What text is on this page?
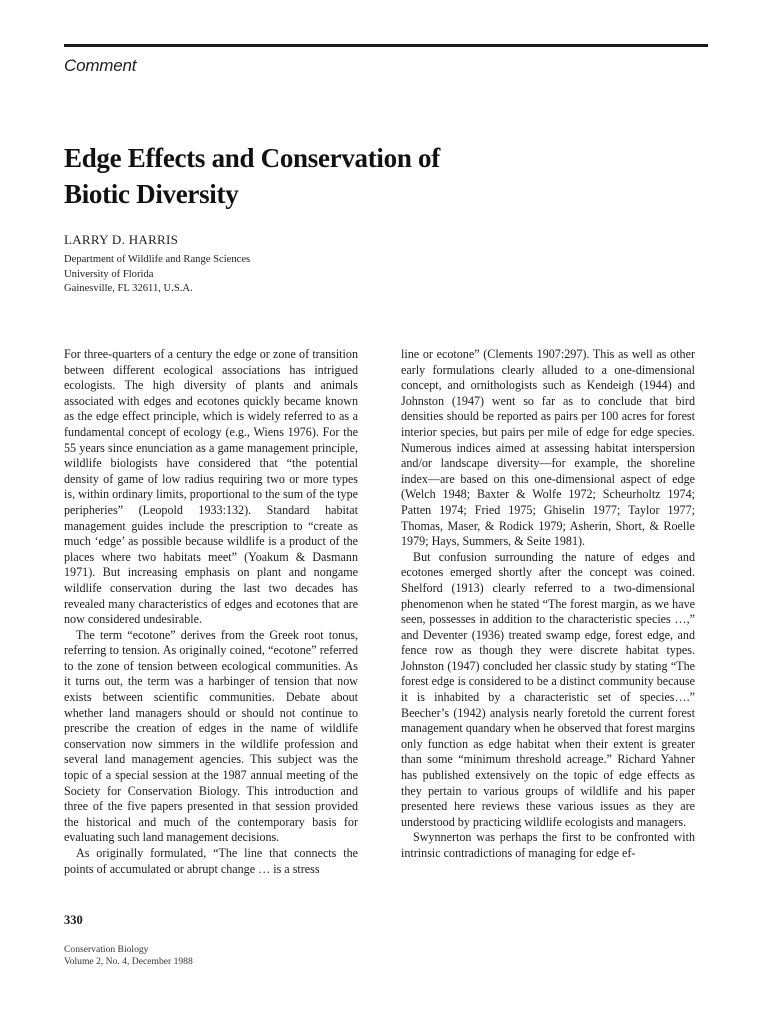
Comment
Edge Effects and Conservation of
Biotic Diversity
LARRY D. HARRIS
Department of Wildlife and Range Sciences
University of Florida
Gainesville, FL 32611, U.S.A.

For three-quarters of a century the edge or zone of transition between different ecological associations has intrigued ecologists. The high diversity of plants and animals associated with edges and ecotones quickly became known as the edge effect principle, which is widely referred to as a fundamental concept of ecology (e.g., Wiens 1976). For the 55 years since enunciation as a game management principle, wildlife biologists have considered that “the potential density of game of low radius requiring two or more types is, within ordinary limits, proportional to the sum of the type peripheries” (Leopold 1933:132). Standard habitat management guides include the prescription to “create as much ‘edge’ as possible because wildlife is a product of the places where two habitats meet” (Yoakum & Dasmann 1971). But increasing emphasis on plant and nongame wildlife conservation during the last two decades has revealed many characteristics of edges and ecotones that are now considered undesirable.

The term “ecotone” derives from the Greek root tonus, referring to tension. As originally coined, “ecotone” referred to the zone of tension between ecological communities. As it turns out, the term was a harbinger of tension that now exists between scientific communities. Debate about whether land managers should or should not continue to prescribe the creation of edges in the name of wildlife conservation now simmers in the wildlife profession and several land management agencies. This subject was the topic of a special session at the 1987 annual meeting of the Society for Conservation Biology. This introduction and three of the five papers presented in that session provided the historical and much of the contemporary basis for evaluating such land management decisions.

As originally formulated, “The line that connects the points of accumulated or abrupt change … is a stress

line or ecotone” (Clements 1907:297). This as well as other early formulations clearly alluded to a one-dimensional concept, and ornithologists such as Kendeigh (1944) and Johnston (1947) went so far as to conclude that bird densities should be reported as pairs per 100 acres for forest interior species, but pairs per mile of edge for edge species. Numerous indices aimed at assessing habitat interspersion and/or landscape diversity—for example, the shoreline index—are based on this one-dimensional aspect of edge (Welch 1948; Baxter & Wolfe 1972; Scheurholtz 1974; Patten 1974; Fried 1975; Ghiselin 1977; Taylor 1977; Thomas, Maser, & Rodick 1979; Asherin, Short, & Roelle 1979; Hays, Summers, & Seite 1981).

But confusion surrounding the nature of edges and ecotones emerged shortly after the concept was coined. Shelford (1913) clearly referred to a two-dimensional phenomenon when he stated “The forest margin, as we have seen, possesses in addition to the characteristic species …,” and Deventer (1936) treated swamp edge, forest edge, and fence row as though they were discrete habitat types. Johnston (1947) concluded her classic study by stating “The forest edge is considered to be a distinct community because it is inhabited by a characteristic set of species….” Beecher’s (1942) analysis nearly foretold the current forest management quandary when he observed that forest margins only function as edge habitat when their extent is greater than some “minimum threshold acreage.” Richard Yahner has published extensively on the topic of edge effects as they pertain to various groups of wildlife and his paper presented here reviews these various issues as they are understood by practicing wildlife ecologists and managers.

Swynnerton was perhaps the first to be confronted with intrinsic contradictions of managing for edge ef-

330
Conservation Biology
Volume 2, No. 4, December 1988
